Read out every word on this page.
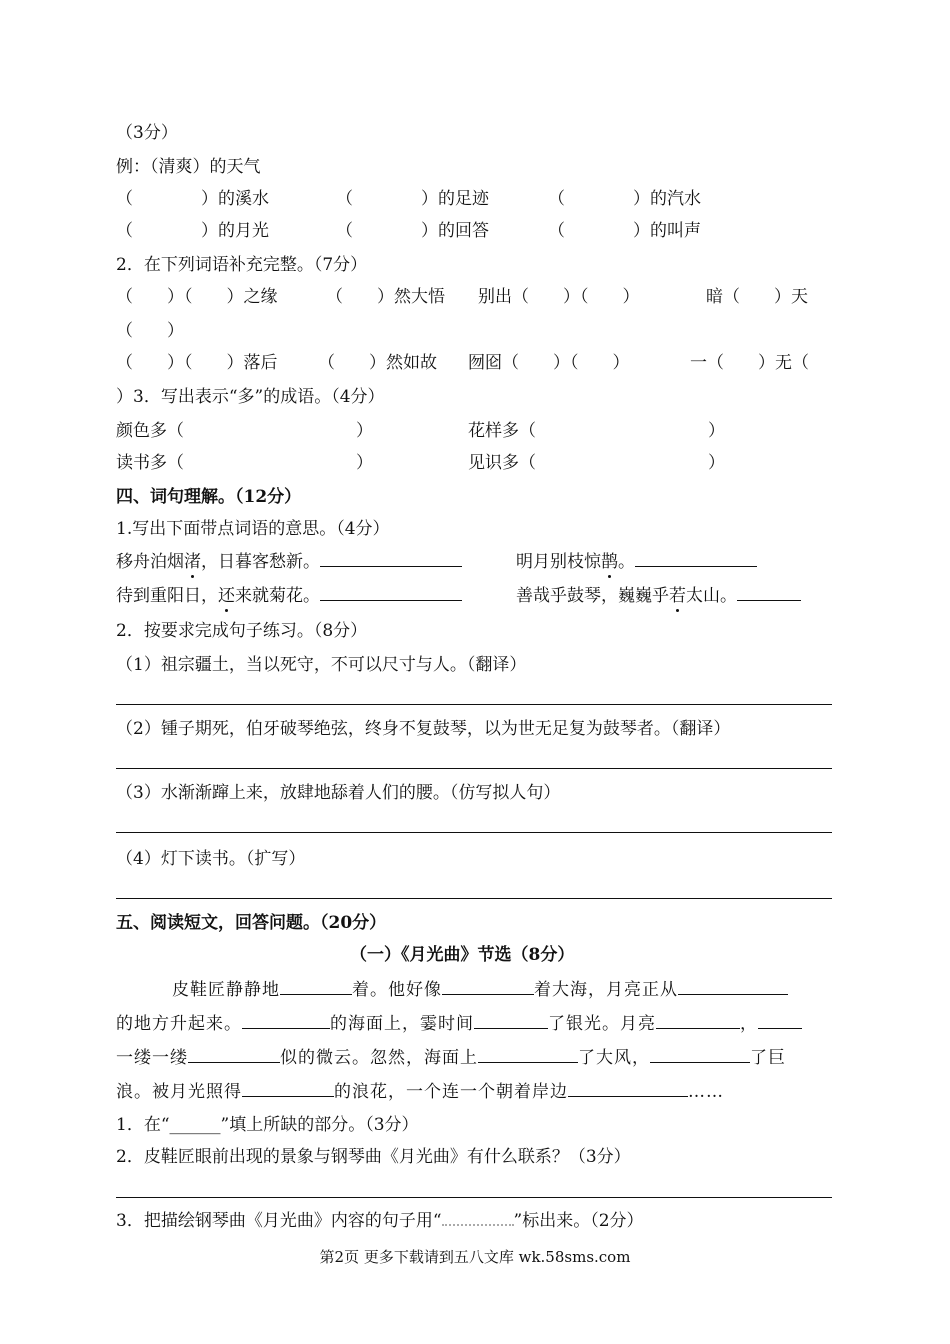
（3分）
例：（清爽）的天气
（　　　　）的溪水	（　　　　）的足迹	（　　　　）的汽水
（　　　　）的月光	（　　　　）的回答	（　　　　）的叫声
2．在下列词语补充完整。（7分）
（　　）（　　）之缘	（　　）然大悟 别出（　　）（　　）	暗（　　）天
（　　）
（　　）（　　）落后 （　　）然如故 囫囵（　　）（　　）	一（　　）无（
）3．写出表示“多”的成语。（4分）
颜色多（	）	花样多（	）
读书多（	）	见识多（	）
四、词句理解。（12分）
1.写出下面带点词语的意思。（4分）
移舟泊烟渚，日暮客愁新。	明月别枝惊鹊。
待到重阳日，还来就菊花。	善哉乎鼓琴，巍巍乎若太山。
2．按要求完成句子练习。（8分）
（1）祖宗疆土，当以死守，不可以尺寸与人。（翻译）
（2）锺子期死，伯牙破琴绝弦，终身不复鼓琴，以为世无足复为鼓琴者。（翻译）
（3）水渐渐蹿上来，放肆地舔着人们的腰。（仿写拟人句）
（4）灯下读书。（扩写）
五、阅读短文，回答问题。（20分）
（一）《月光曲》节选（8分）
皮鞋匠静静地	着。他好像	着大海，月亮正从
的地方升起来。	的海面上，霎时间	了银光。月亮	，
一缕一缕	似的微云。忽然，海面上	了大风，	了巨
浪。被月光照得	的浪花，一个连一个朝着岸边	……
1．在“______”填上所缺的部分。（3分）
2．皮鞋匠眼前出现的景象与钢琴曲《月光曲》有什么联系？（3分）
3．把描绘钢琴曲《月光曲》内容的句子用“	”标出来。（2分）
第2页 更多下载请到五八文库 wk.58sms.com
